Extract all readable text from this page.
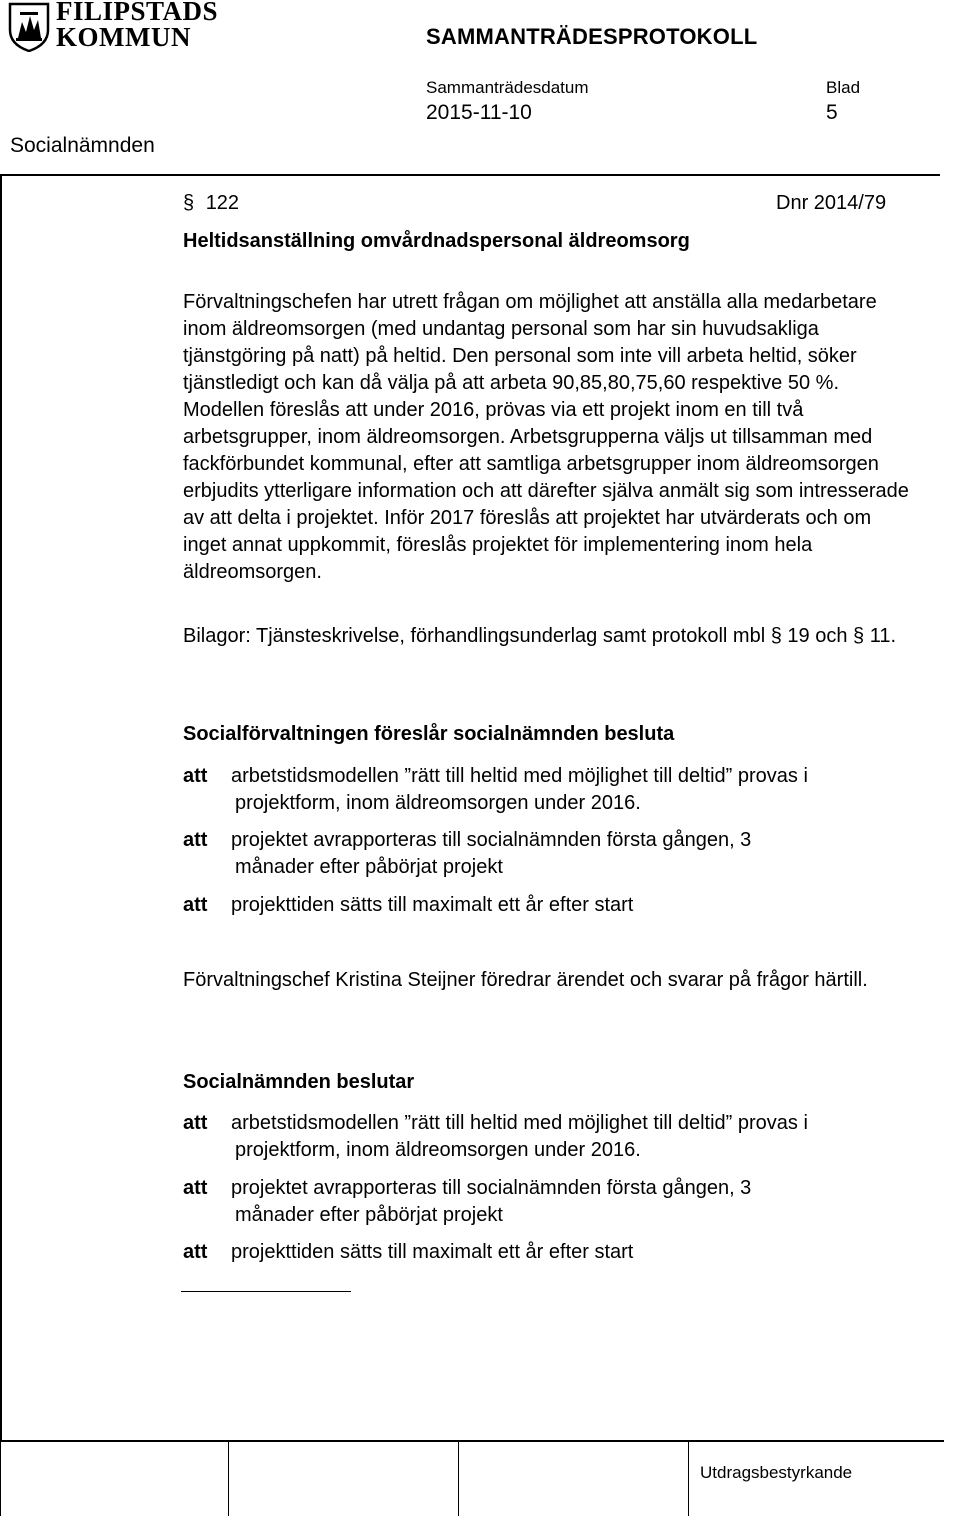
FILIPSTADS
KOMMUN	SAMMANTRÄDESPROTOKOLL
Sammanträdesdatum	Blad
2015-11-10	5
Socialnämnden
§ 122	Dnr 2014/79
Heltidsanställning omvårdnadspersonal äldreomsorg
Förvaltningschefen har utrett frågan om möjlighet att anställa alla medarbetare inom äldreomsorgen (med undantag personal som har sin huvudsakliga tjänstgöring på natt) på heltid. Den personal som inte vill arbeta heltid, söker tjänstledigt och kan då välja på att arbeta 90,85,80,75,60 respektive 50 %. Modellen föreslås att under 2016, prövas via ett projekt inom en till två arbetsgrupper, inom äldreomsorgen. Arbetsgrupperna väljs ut tillsamman med fackförbundet kommunal, efter att samtliga arbetsgrupper inom äldreomsorgen erbjudits ytterligare information och att därefter själva anmält sig som intresserade av att delta i projektet. Inför 2017 föreslås att projektet har utvärderats och om inget annat uppkommit, föreslås projektet för implementering inom hela äldreomsorgen.
Bilagor: Tjänsteskrivelse, förhandlingsunderlag samt protokoll mbl § 19 och § 11.
Socialförvaltningen föreslår socialnämnden besluta
att arbetstidsmodellen ”rätt till heltid med möjlighet till deltid” provas i
projektform, inom äldreomsorgen under 2016.
att projektet avrapporteras till socialnämnden första gången, 3
månader efter påbörjat projekt
att projekttiden sätts till maximalt ett år efter start
Förvaltningschef Kristina Steijner föredrar ärendet och svarar på frågor härtill.
Socialnämnden beslutar
att arbetstidsmodellen ”rätt till heltid med möjlighet till deltid” provas i
projektform, inom äldreomsorgen under 2016.
att projektet avrapporteras till socialnämnden första gången, 3
månader efter påbörjat projekt
att projekttiden sätts till maximalt ett år efter start
Utdragsbestyrkande
